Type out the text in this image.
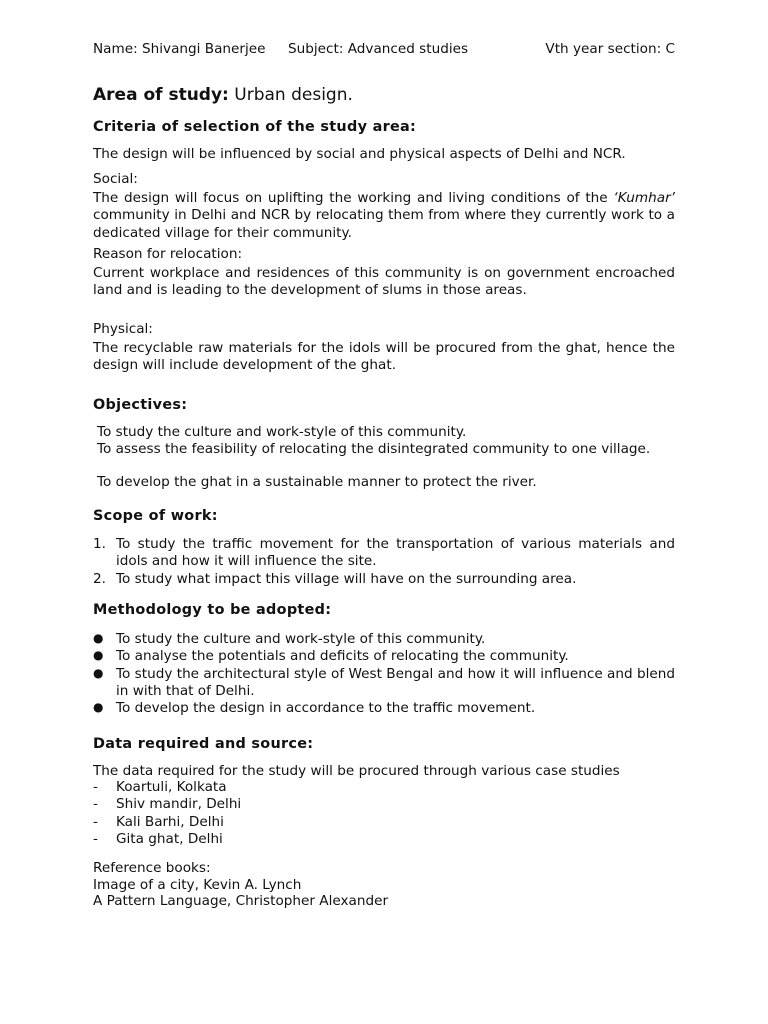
Name: Shivangi Banerjee Subject: Advanced studies	Vth year section: C
Area of study: Urban design.
Criteria of selection of the study area:
The design will be influenced by social and physical aspects of Delhi and NCR.
Social:
The design will focus on uplifting the working and living conditions of the ‘Kumhar’ community in Delhi and NCR by relocating them from where they currently work to a dedicated village for their community.
Reason for relocation:
Current workplace and residences of this community is on government encroached land and is leading to the development of slums in those areas.
Physical:
The recyclable raw materials for the idols will be procured from the ghat, hence the design will include development of the ghat.
Objectives:
To study the culture and work-style of this community.
To assess the feasibility of relocating the disintegrated community to one village.
To develop the ghat in a sustainable manner to protect the river.
Scope of work:
1. To study the traffic movement for the transportation of various materials and idols and how it will influence the site.
2. To study what impact this village will have on the surrounding area.
Methodology to be adopted:
● To study the culture and work-style of this community.
● To analyse the potentials and deficits of relocating the community.
● To study the architectural style of West Bengal and how it will influence and blend in with that of Delhi.
● To develop the design in accordance to the traffic movement.
Data required and source:
The data required for the study will be procured through various case studies
- Koartuli, Kolkata
- Shiv mandir, Delhi
- Kali Barhi, Delhi
- Gita ghat, Delhi
Reference books:
Image of a city, Kevin A. Lynch
A Pattern Language, Christopher Alexander
